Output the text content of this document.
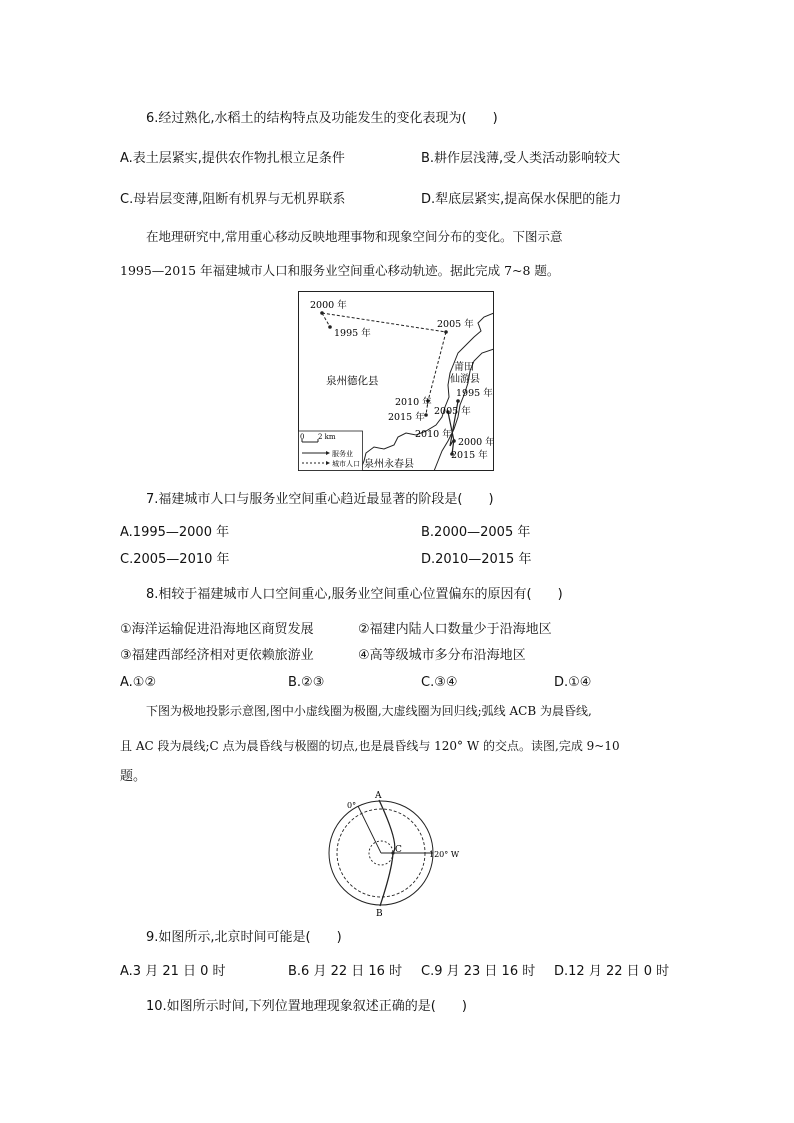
6.经过熟化,水稻土的结构特点及功能发生的变化表现为(　　)
A.表土层紧实,提供农作物扎根立足条件	B.耕作层浅薄,受人类活动影响较大
C.母岩层变薄,阻断有机界与无机界联系	D.犁底层紧实,提高保水保肥的能力
在地理研究中,常用重心移动反映地理事物和现象空间分布的变化。下图示意
1995—2015 年福建城市人口和服务业空间重心移动轨迹。据此完成 7~8 题。
2000 年
1995 年
2005 年
泉州德化县
莆田
仙游县
1995 年
2010 年
2015 年
2005 年
2010 年
2000 年
2015 年
泉州永春县
0 2 km
服务业
城市人口
7.福建城市人口与服务业空间重心趋近最显著的阶段是(　　)
A.1995—2000 年	B.2000—2005 年
C.2005—2010 年	D.2010—2015 年
8.相较于福建城市人口空间重心,服务业空间重心位置偏东的原因有(　　)
①海洋运输促进沿海地区商贸发展	②福建内陆人口数量少于沿海地区
③福建西部经济相对更依赖旅游业	④高等级城市多分布沿海地区
A.①②	B.②③	C.③④	D.①④
下图为极地投影示意图,图中小虚线圈为极圈,大虚线圈为回归线;弧线 ACB 为晨昏线,
且 AC 段为晨线;C 点为晨昏线与极圈的切点,也是晨昏线与 120° W 的交点。读图,完成 9~10
题。
A
B
C
0°
120° W
9.如图所示,北京时间可能是(　　)
A.3 月 21 日 0 时	B.6 月 22 日 16 时 C.9 月 23 日 16 时 D.12 月 22 日 0 时
10.如图所示时间,下列位置地理现象叙述正确的是(　　)
